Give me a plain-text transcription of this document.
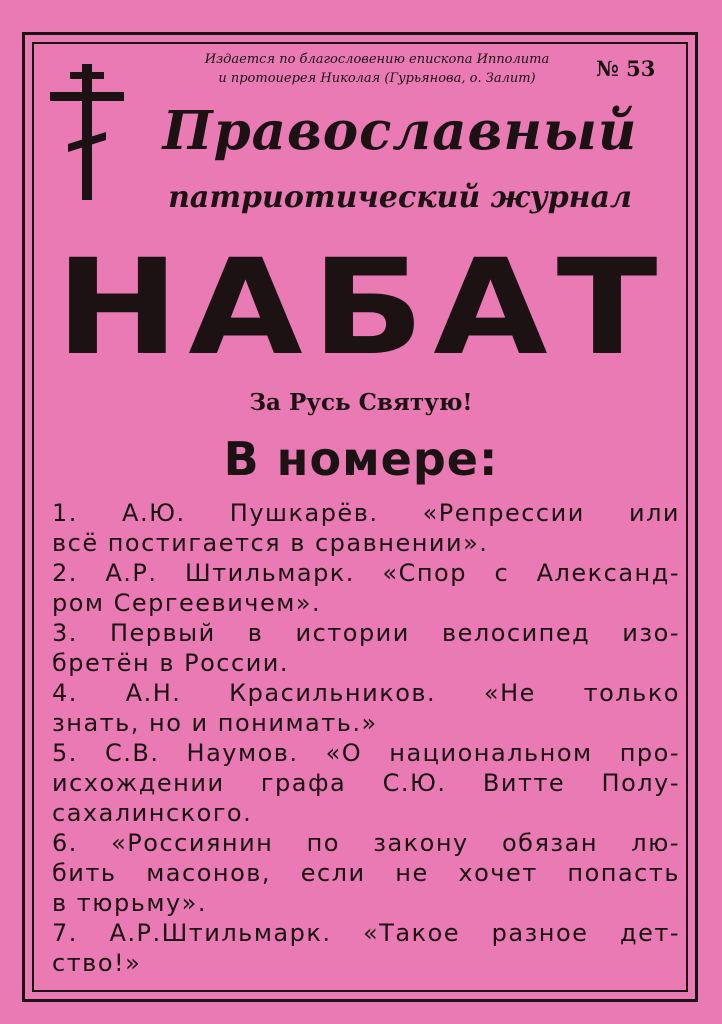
Издается по благословению епископа Ипполита
и протоиерея Николая (Гурьянова, о. Залит)	№ 53
Православный
патриотический журнал
НАБАТ
За Русь Святую!
В номере:
1. А.Ю. Пушкарёв. «Репрессии или
всё постигается в сравнении».
2. А.Р. Штильмарк. «Спор с Александ-
ром Сергеевичем».
3. Первый в истории велосипед изо-
бретён в России.
4. А.Н. Красильников. «Не только
знать, но и понимать.»
5. С.В. Наумов. «О национальном про-
исхождении графа С.Ю. Витте Полу-
сахалинского.
6. «Россиянин по закону обязан лю-
бить масонов, если не хочет попасть
в тюрьму».
7. А.Р.Штильмарк. «Такое разное дет-
ство!»
